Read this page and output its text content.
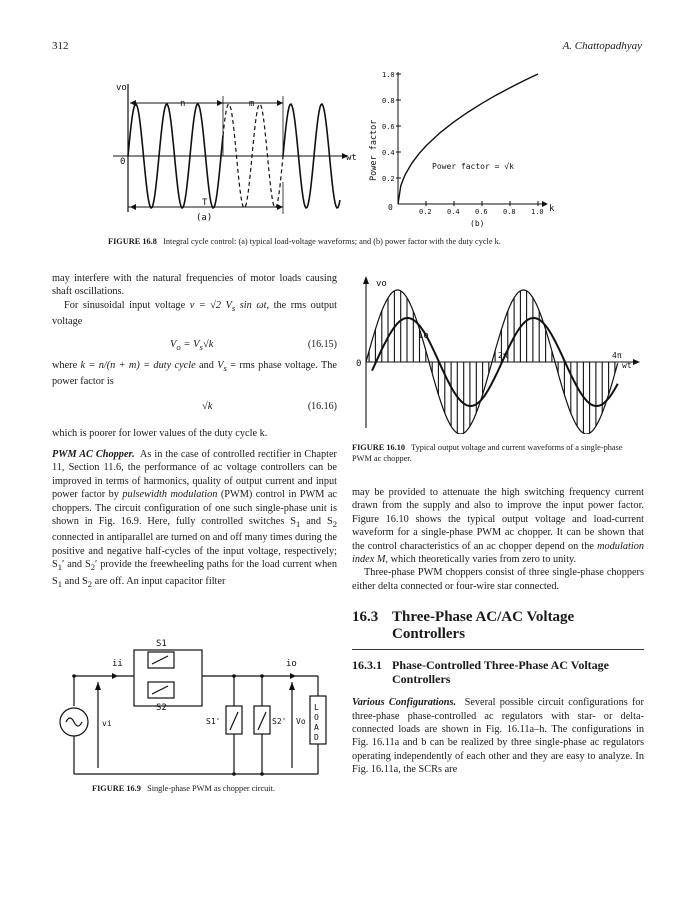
312	A. Chattopadhyay
vo
n	m
0	wt
T
(a)
0.2
0.2
0.4
0.4
0.6
0.6
0.8
0.8
1.0
1.0
Power factor	Power factor = √k
(b)
k
0
FIGURE 16.8 Integral cycle control: (a) typical load-voltage waveforms; and (b) power factor with the duty cycle k.

may interfere with the natural frequencies of motor loads causing shaft oscillations.

For sinusoidal input voltage v = √2 $V_s$ sin ωt, the rms output voltage

$V_o = V_s√k$	(16.15)

where k = n/(n + m) = duty cycle and $V_s$ = rms phase voltage. The power factor is

√k	(16.16)

which is poorer for lower values of the duty cycle k.

PWM AC Chopper. As in the case of controlled rectifier in Chapter 11, Section 11.6, the performance of ac voltage controllers can be improved in terms of harmonics, quality of output current and input power factor by pulsewidth modulation (PWM) control in PWM ac choppers. The circuit configuration of one such single-phase unit is shown in Fig. 16.9. Here, fully controlled switches $S_1$ and $S_2$ connected in antiparallel are turned on and off many times during the positive and negative half-cycles of the input voltage, respectively; $S_1'$ and $S_2'$ provide the freewheeling paths for the load current when $S_1$ and $S_2$ are off. An input capacitor filter

S1
S2
ii	io
vi	S1'	S2' Vo
L
O
A
D
FIGURE 16.9 Single-phase PWM as chopper circuit.
vo
io
0
2π	4π
wt
FIGURE 16.10 Typical output voltage and current waveforms of a single-phase PWM ac chopper.

may be provided to attenuate the high switching frequency current drawn from the supply and also to improve the input power factor. Figure 16.10 shows the typical output voltage and load-current waveform for a single-phase PWM ac chopper. It can be shown that the control characteristics of an ac chopper depend on the modulation index M, which theoretically varies from zero to unity.

Three-phase PWM choppers consist of three single-phase choppers either delta connected or four-wire star connected.

16.3 Three-Phase AC/AC Voltage Controllers
16.3.1 Phase-Controlled Three-Phase AC Voltage Controllers

Various Configurations. Several possible circuit configurations for three-phase phase-controlled ac regulators with star- or delta-connected loads are shown in Fig. 16.11a–h. The configurations in Fig. 16.11a and b can be realized by three single-phase ac regulators operating independently of each other and they are easy to analyze. In Fig. 16.11a, the SCRs are
